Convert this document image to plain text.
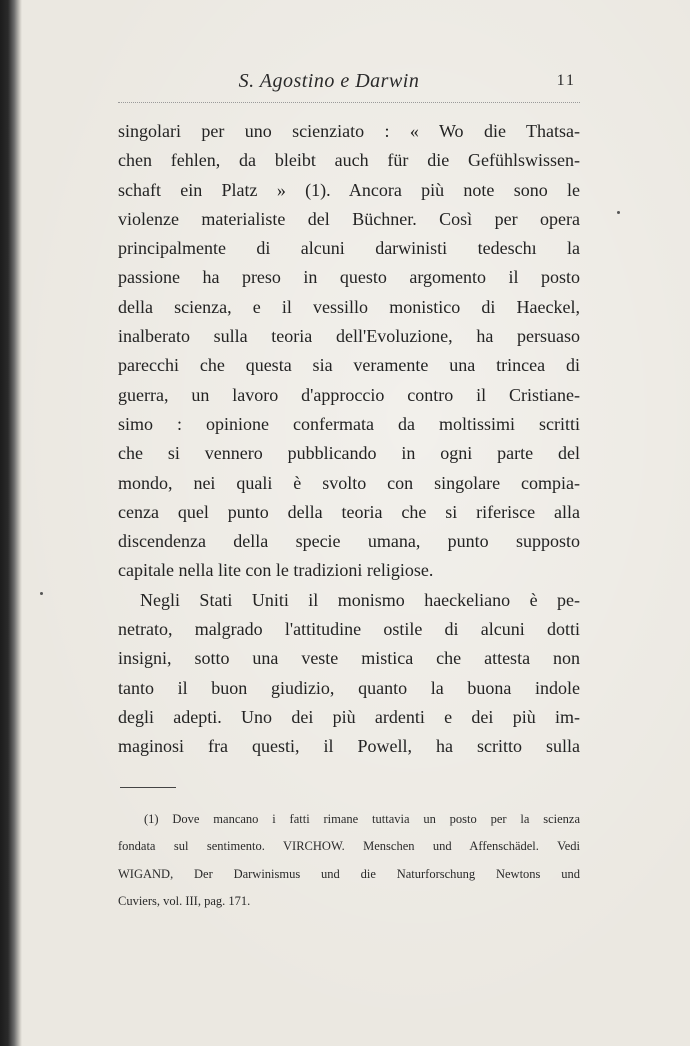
S. Agostino e Darwin	11
singolari per uno scienziato : « Wo die Thatsa-
chen fehlen, da bleibt auch für die Gefühlswissen-
schaft ein Platz » (1). Ancora più note sono le
violenze materialiste del Büchner. Così per opera
principalmente di alcuni darwinisti tedeschı la
passione ha preso in questo argomento il posto
della scienza, e il vessillo monistico di Haeckel,
inalberato sulla teoria dell'Evoluzione, ha persuaso
parecchi che questa sia veramente una trincea di
guerra, un lavoro d'approccio contro il Cristiane-
simo : opinione confermata da moltissimi scritti
che si vennero pubblicando in ogni parte del
mondo, nei quali è svolto con singolare compia-
cenza quel punto della teoria che si riferisce alla
discendenza della specie umana, punto supposto
capitale nella lite con le tradizioni religiose.
Negli Stati Uniti il monismo haeckeliano è pe-
netrato, malgrado l'attitudine ostile di alcuni dotti
insigni, sotto una veste mistica che attesta non
tanto il buon giudizio, quanto la buona indole
degli adepti. Uno dei più ardenti e dei più im-
maginosi fra questi, il Powell, ha scritto sulla
(1) Dove mancano i fatti rimane tuttavia un posto per la scienza
fondata sul sentimento. VIRCHOW. Menschen und Affenschädel. Vedi
WIGAND, Der Darwinismus und die Naturforschung Newtons und
Cuviers, vol. III, pag. 171.
